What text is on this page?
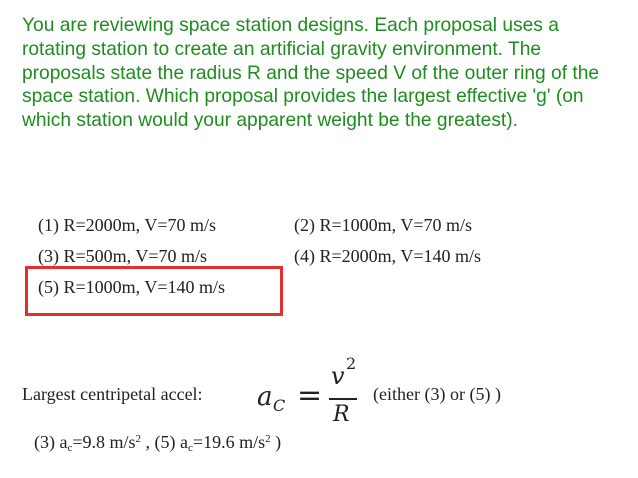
You are reviewing space station designs. Each proposal uses a rotating station to create an artificial gravity environment. The proposals state the radius R and the speed V of the outer ring of the space station. Which proposal provides the largest effective 'g' (on which station would your apparent weight be the greatest).

(1) R=2000m, V=70 m/s	(2) R=1000m, V=70 m/s
(3) R=500m, V=70 m/s	(4) R=2000m, V=140 m/s
(5) R=1000m, V=140 m/s
Largest centripetal accel: a C =
v 2
R
(either (3) or (5) )
(3) $a_c=9.8$ $m/s^2$ , (5) $a_c=19.6$ $m/s^2$ )
